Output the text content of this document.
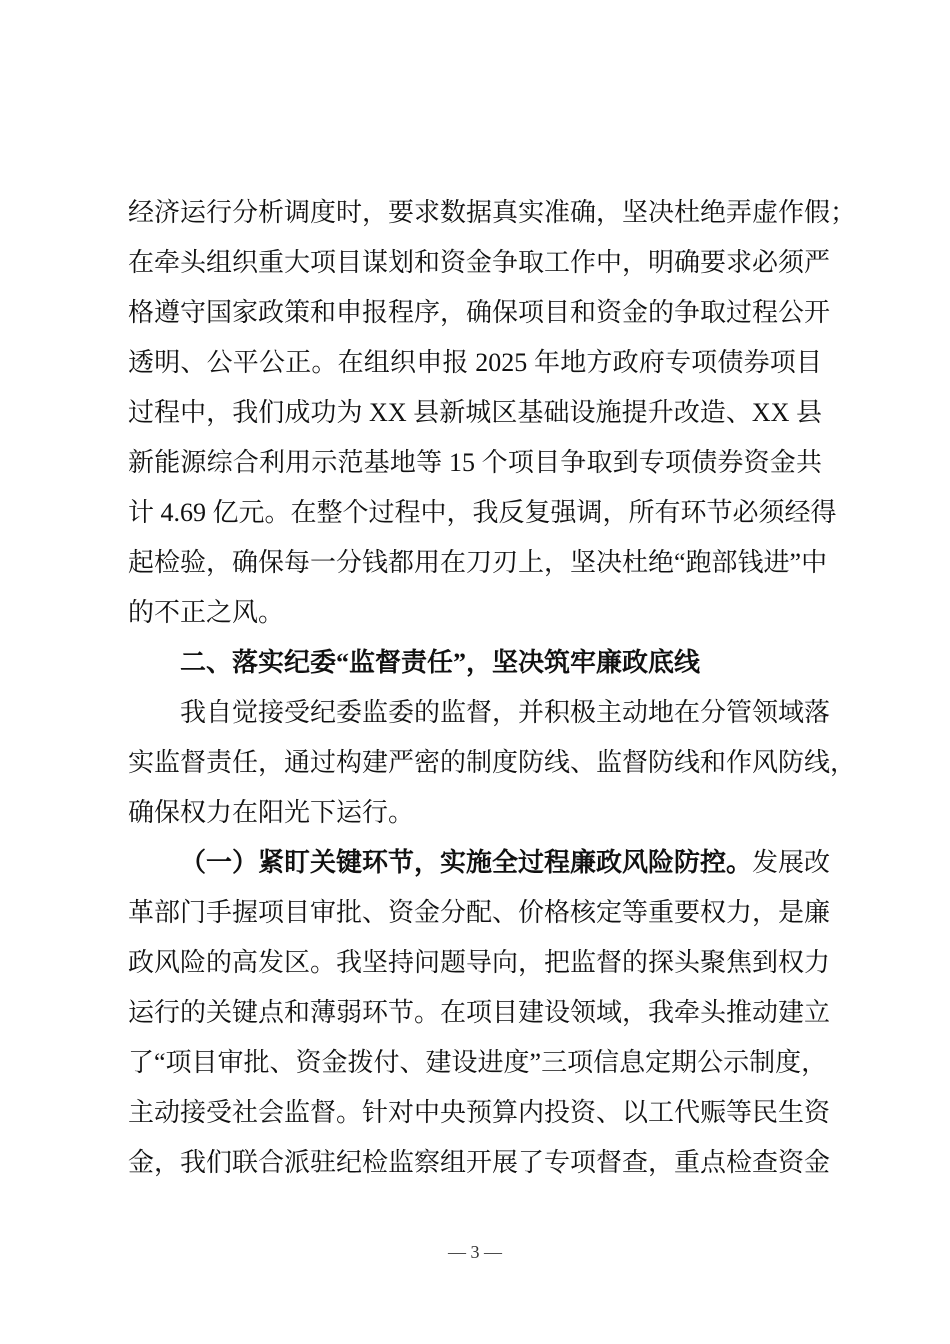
经济运行分析调度时，要求数据真实准确，坚决杜绝弄虚作假；
在牵头组织重大项目谋划和资金争取工作中，明确要求必须严
格遵守国家政策和申报程序，确保项目和资金的争取过程公开
透明、公平公正。在组织申报 2025 年地方政府专项债券项目
过程中，我们成功为 XX 县新城区基础设施提升改造、XX 县
新能源综合利用示范基地等 15 个项目争取到专项债券资金共
计 4.69 亿元。在整个过程中，我反复强调，所有环节必须经得
起检验，确保每一分钱都用在刀刃上，坚决杜绝“跑部钱进”中
的不正之风。
二、落实纪委“监督责任”，坚决筑牢廉政底线
我自觉接受纪委监委的监督，并积极主动地在分管领域落
实监督责任，通过构建严密的制度防线、监督防线和作风防线，
确保权力在阳光下运行。
（一）紧盯关键环节，实施全过程廉政风险防控。发展改
革部门手握项目审批、资金分配、价格核定等重要权力，是廉
政风险的高发区。我坚持问题导向，把监督的探头聚焦到权力
运行的关键点和薄弱环节。在项目建设领域，我牵头推动建立
了“项目审批、资金拨付、建设进度”三项信息定期公示制度，
主动接受社会监督。针对中央预算内投资、以工代赈等民生资
金，我们联合派驻纪检监察组开展了专项督查，重点检查资金
— 3 —
